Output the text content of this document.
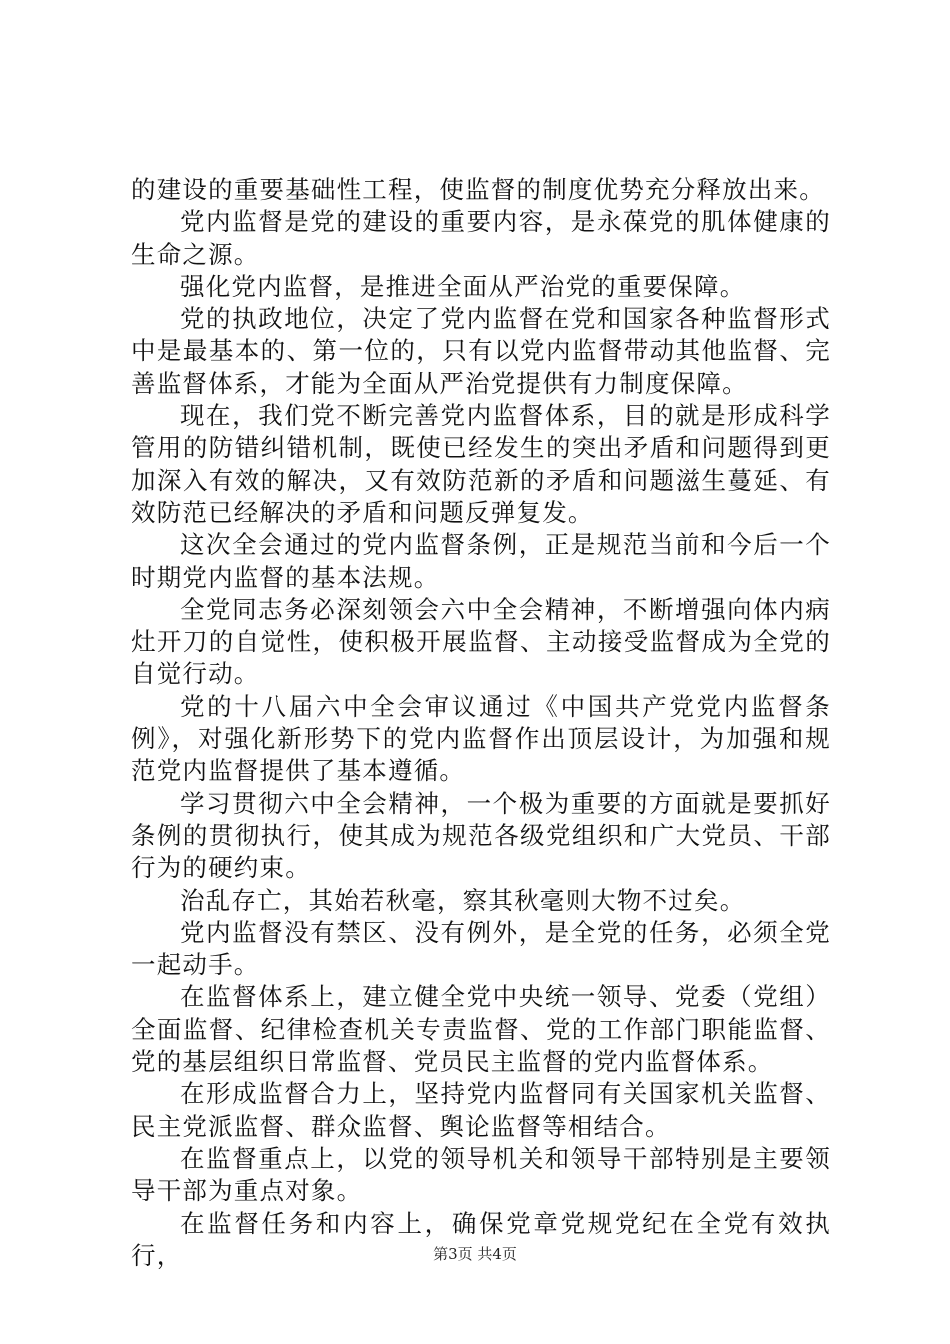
的建设的重要基础性工程，使监督的制度优势充分释放出来。

党内监督是党的建设的重要内容，是永葆党的肌体健康的生命之源。

强化党内监督，是推进全面从严治党的重要保障。

党的执政地位，决定了党内监督在党和国家各种监督形式中是最基本的、第一位的，只有以党内监督带动其他监督、完善监督体系，才能为全面从严治党提供有力制度保障。

现在，我们党不断完善党内监督体系，目的就是形成科学管用的防错纠错机制，既使已经发生的突出矛盾和问题得到更加深入有效的解决，又有效防范新的矛盾和问题滋生蔓延、有效防范已经解决的矛盾和问题反弹复发。

这次全会通过的党内监督条例，正是规范当前和今后一个时期党内监督的基本法规。

全党同志务必深刻领会六中全会精神，不断增强向体内病灶开刀的自觉性，使积极开展监督、主动接受监督成为全党的自觉行动。

党的十八届六中全会审议通过《中国共产党党内监督条例》，对强化新形势下的党内监督作出顶层设计，为加强和规范党内监督提供了基本遵循。

学习贯彻六中全会精神，一个极为重要的方面就是要抓好条例的贯彻执行，使其成为规范各级党组织和广大党员、干部行为的硬约束。

治乱存亡，其始若秋毫，察其秋毫则大物不过矣。

党内监督没有禁区、没有例外，是全党的任务，必须全党一起动手。

在监督体系上，建立健全党中央统一领导、党委（党组）全面监督、纪律检查机关专责监督、党的工作部门职能监督、党的基层组织日常监督、党员民主监督的党内监督体系。

在形成监督合力上，坚持党内监督同有关国家机关监督、民主党派监督、群众监督、舆论监督等相结合。

在监督重点上，以党的领导机关和领导干部特别是主要领导干部为重点对象。

在监督任务和内容上，确保党章党规党纪在全党有效执行，	第3页 共4页
